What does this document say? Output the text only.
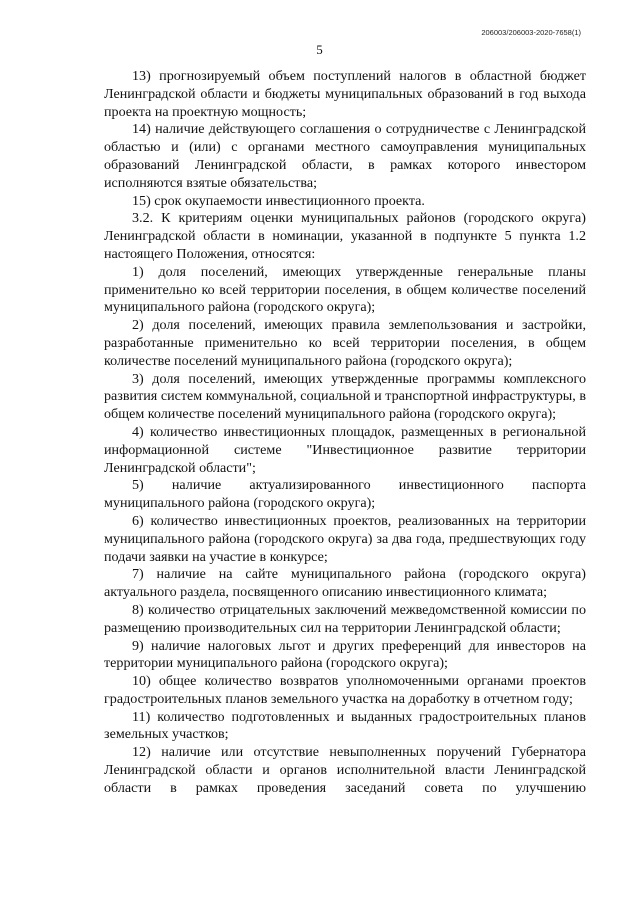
206003/206003-2020-7658(1)
5

13) прогнозируемый объем поступлений налогов в областной бюджет Ленинградской области и бюджеты муниципальных образований в год выхода проекта на проектную мощность;

14) наличие действующего соглашения о сотрудничестве с Ленинградской областью и (или) с органами местного самоуправления муниципальных образований Ленинградской области, в рамках которого инвестором исполняются взятые обязательства;

15) срок окупаемости инвестиционного проекта.

3.2. К критериям оценки муниципальных районов (городского округа) Ленинградской области в номинации, указанной в подпункте 5 пункта 1.2 настоящего Положения, относятся:

1) доля поселений, имеющих утвержденные генеральные планы применительно ко всей территории поселения, в общем количестве поселений муниципального района (городского округа);

2) доля поселений, имеющих правила землепользования и застройки, разработанные применительно ко всей территории поселения, в общем количестве поселений муниципального района (городского округа);

3) доля поселений, имеющих утвержденные программы комплексного развития систем коммунальной, социальной и транспортной инфраструктуры, в общем количестве поселений муниципального района (городского округа);

4) количество инвестиционных площадок, размещенных в региональной информационной системе "Инвестиционное развитие территории Ленинградской области";

5) наличие актуализированного инвестиционного паспорта муниципального района (городского округа);

6) количество инвестиционных проектов, реализованных на территории муниципального района (городского округа) за два года, предшествующих году подачи заявки на участие в конкурсе;

7) наличие на сайте муниципального района (городского округа) актуального раздела, посвященного описанию инвестиционного климата;

8) количество отрицательных заключений межведомственной комиссии по размещению производительных сил на территории Ленинградской области;

9) наличие налоговых льгот и других преференций для инвесторов на территории муниципального района (городского округа);

10) общее количество возвратов уполномоченными органами проектов градостроительных планов земельного участка на доработку в отчетном году;

11) количество подготовленных и выданных градостроительных планов земельных участков;

12) наличие или отсутствие невыполненных поручений Губернатора Ленинградской области и органов исполнительной власти Ленинградской области в рамках проведения заседаний совета по улучшению
